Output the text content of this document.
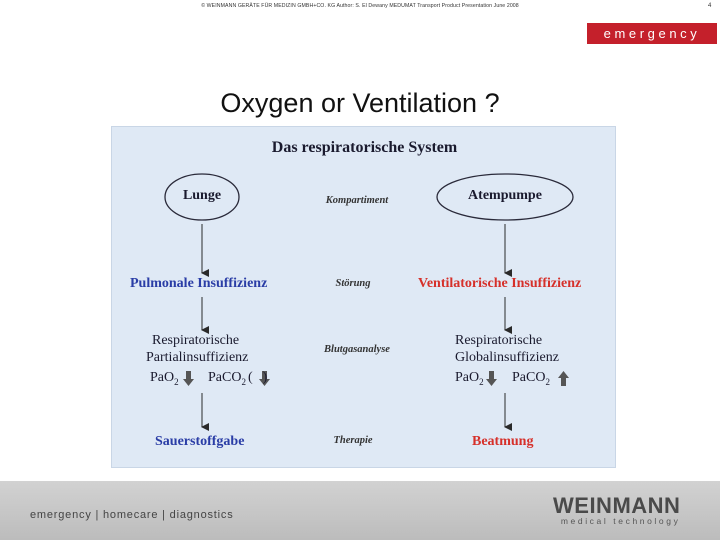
© WEINMANN GERÄTE FÜR MEDIZIN GMBH+CO. KG Author: S. El Dewany MEDUMAT Transport Product Presentation June 2008	4
emergency
Oxygen or Ventilation ?
Das respiratorische System
Lunge	Atempumpe
Kompartiment
Störung
Blutgasanalyse
Therapie
Pulmonale Insuffizienz	Ventilatorische Insuffizienz
Respiratorische
Partialinsuffizienz
Respiratorische
Globalinsuffizienz
PaO$_2$ PaCO$_2$ ( )	PaO$_2$ PaCO$_2$
Sauerstoffgabe	Beatmung
emergency | homecare | diagnostics	WEINMANN
medical technology
